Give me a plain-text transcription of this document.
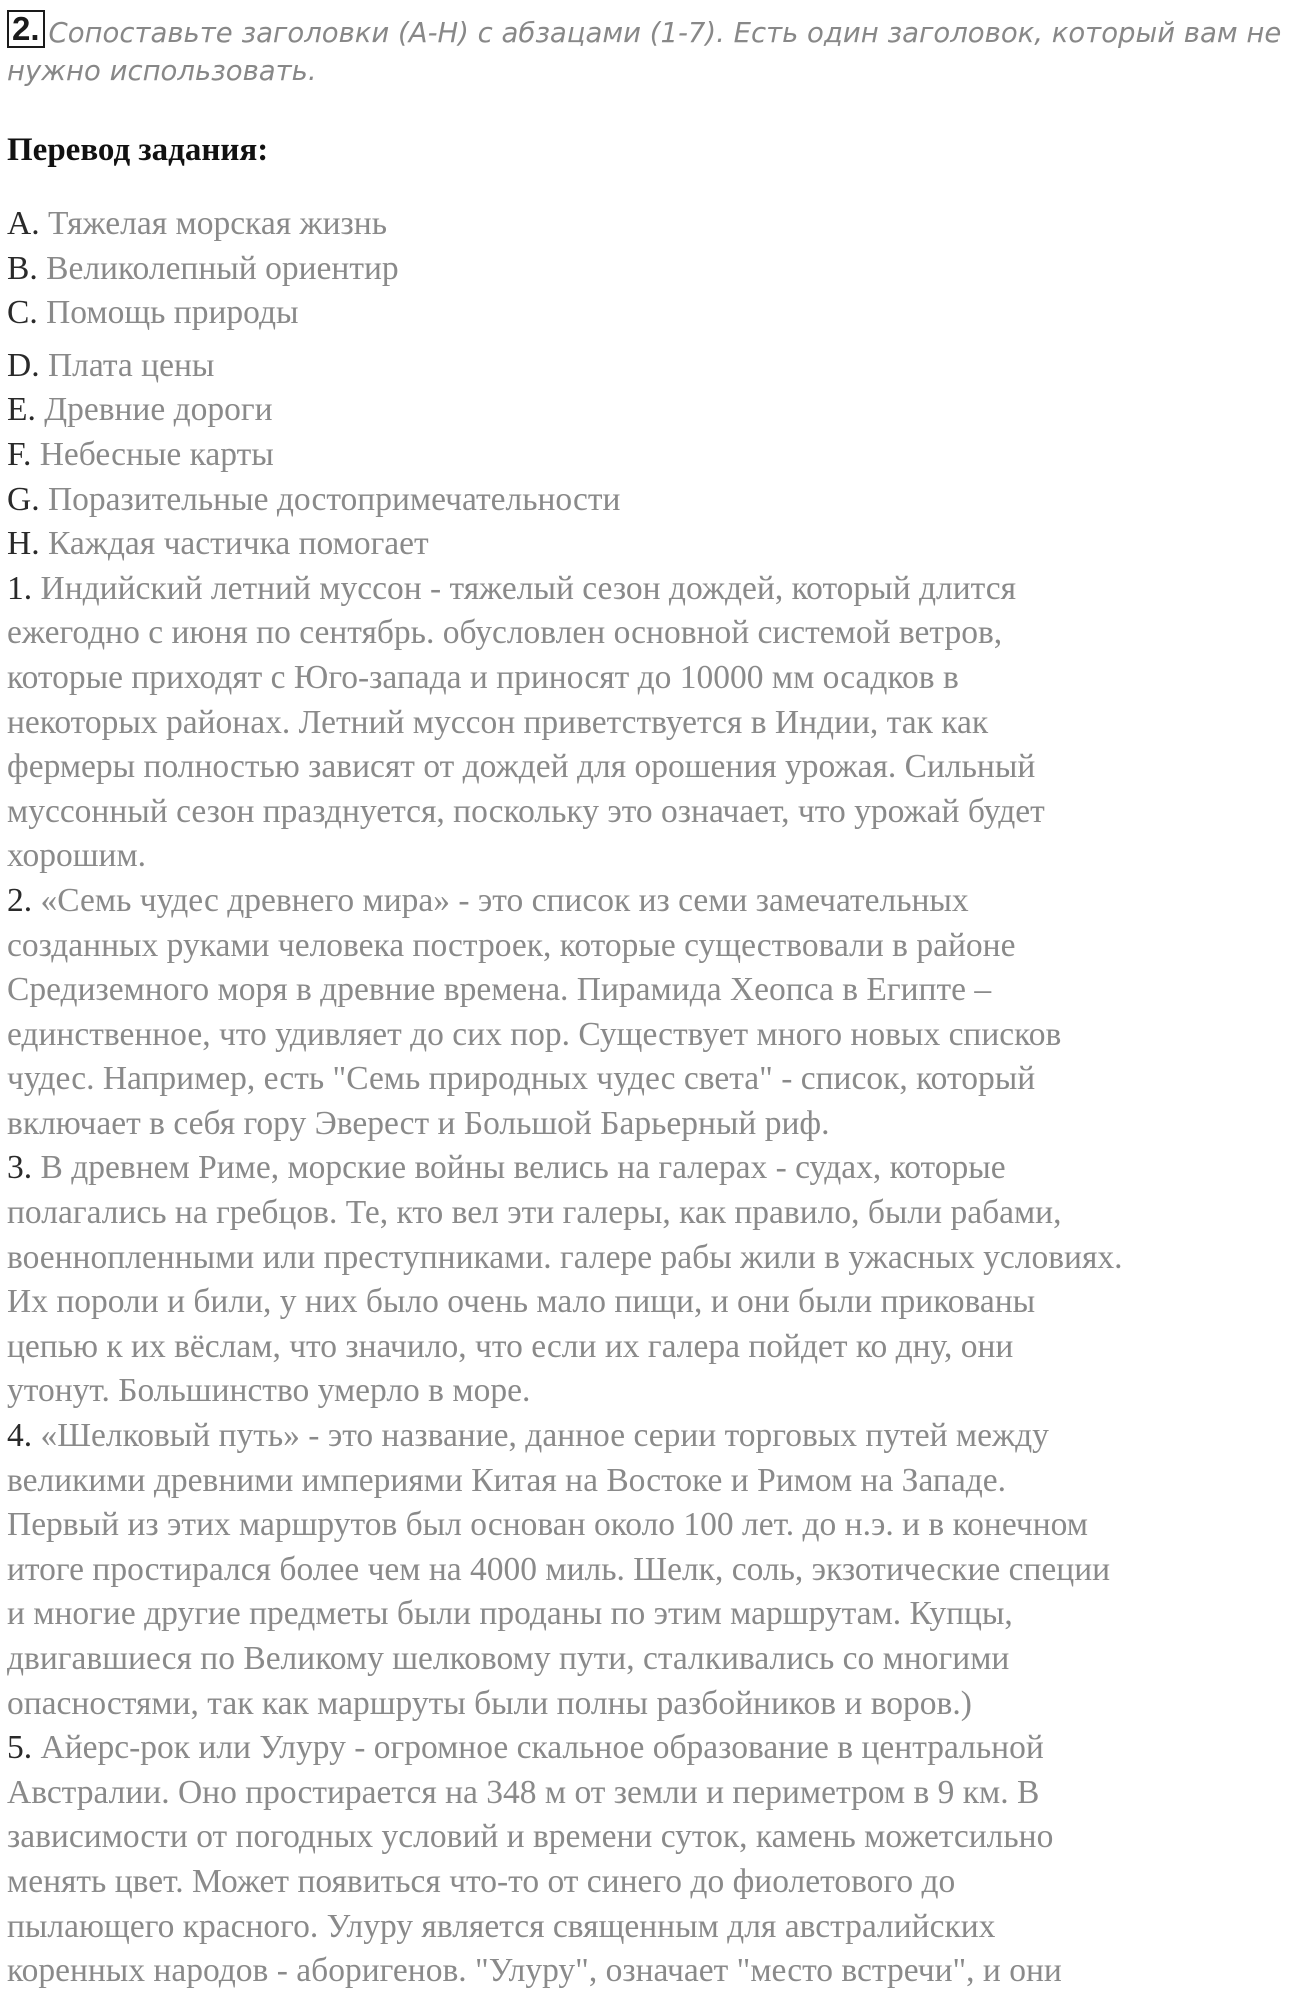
2. Сопоставьте заголовки (A-H) с абзацами (1-7). Есть один заголовок, который вам не нужно использовать.

Перевод задания:

A. Тяжелая морская жизнь

B. Великолепный ориентир

C. Помощь природы

D. Плата цены

E. Древние дороги

F. Небесные карты

G. Поразительные достопримечательности

H. Каждая частичка помогает

1. Индийский летний муссон - тяжелый сезон дождей, который длится

ежегодно с июня по сентябрь. обусловлен основной системой ветров,

которые приходят с Юго-запада и приносят до 10000 мм осадков в

некоторых районах. Летний муссон приветствуется в Индии, так как

фермеры полностью зависят от дождей для орошения урожая. Сильный

муссонный сезон празднуется, поскольку это означает, что урожай будет

хорошим.

2. «Семь чудес древнего мира» - это список из семи замечательных

созданных руками человека построек, которые существовали в районе

Средиземного моря в древние времена. Пирамида Хеопса в Египте –

единственное, что удивляет до сих пор. Существует много новых списков

чудес. Например, есть "Семь природных чудес света" - список, который

включает в себя гору Эверест и Большой Барьерный риф.

3. В древнем Риме, морские войны велись на галерах - судах, которые

полагались на гребцов. Те, кто вел эти галеры, как правило, были рабами,

военнопленными или преступниками. галере рабы жили в ужасных условиях.

Их пороли и били, у них было очень мало пищи, и они были прикованы

цепью к их вёслам, что значило, что если их галера пойдет ко дну, они

утонут. Большинство умерло в море.

4. «Шелковый путь» - это название, данное серии торговых путей между

великими древними империями Китая на Востоке и Римом на Западе.

Первый из этих маршрутов был основан около 100 лет. до н.э. и в конечном

итоге простирался более чем на 4000 миль. Шелк, соль, экзотические специи

и многие другие предметы были проданы по этим маршрутам. Купцы,

двигавшиеся по Великому шелковому пути, сталкивались со многими

опасностями, так как маршруты были полны разбойников и воров.)

5. Айерс-рок или Улуру - огромное скальное образование в центральной

Австралии. Оно простирается на 348 м от земли и периметром в 9 км. В

зависимости от погодных условий и времени суток, камень можетсильно

менять цвет. Может появиться что-то от синего до фиолетового до

пылающего красного. Улуру является священным для австралийских

коренных народов - аборигенов. "Улуру", означает "место встречи", и они
